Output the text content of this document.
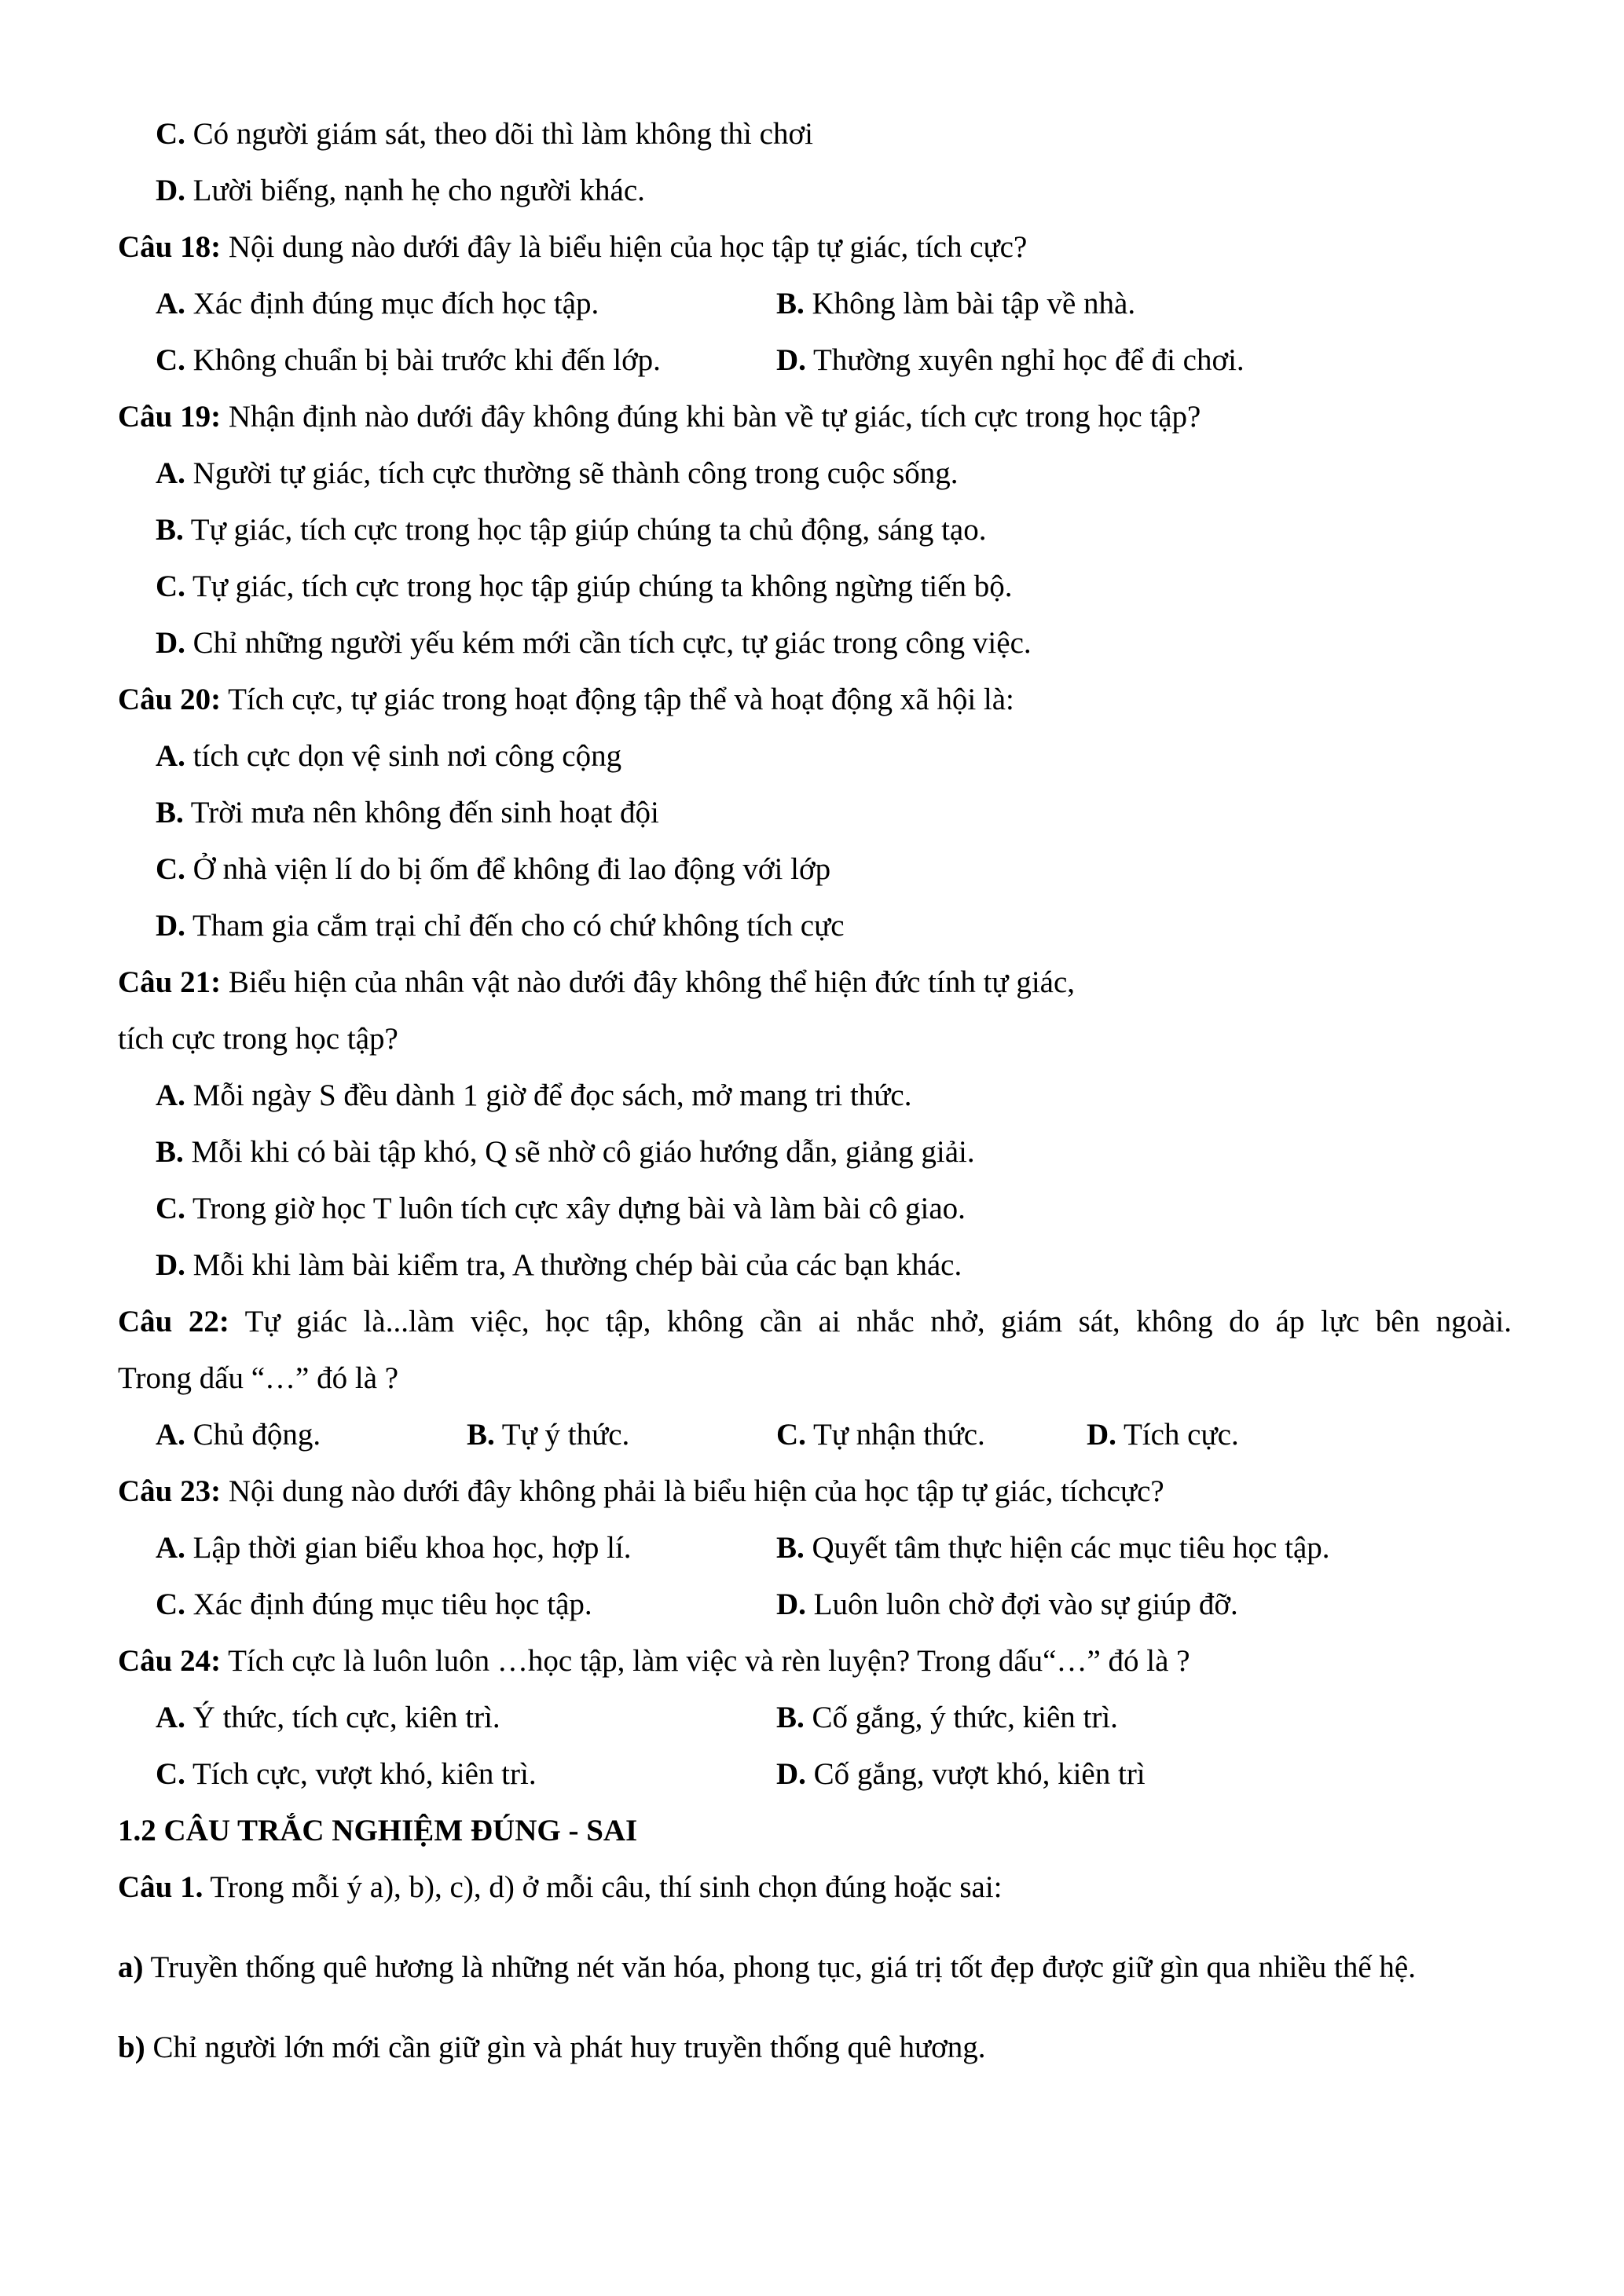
C. Có người giám sát, theo dõi thì làm không thì chơi
D. Lười biếng, nạnh hẹ cho người khác.
Câu 18: Nội dung nào dưới đây là biểu hiện của học tập tự giác, tích cực?
A. Xác định đúng mục đích học tập.	B. Không làm bài tập về nhà.
C. Không chuẩn bị bài trước khi đến lớp.	D. Thường xuyên nghỉ học để đi chơi.
Câu 19: Nhận định nào dưới đây không đúng khi bàn về tự giác, tích cực trong học tập?
A. Người tự giác, tích cực thường sẽ thành công trong cuộc sống.
B. Tự giác, tích cực trong học tập giúp chúng ta chủ động, sáng tạo.
C. Tự giác, tích cực trong học tập giúp chúng ta không ngừng tiến bộ.
D. Chỉ những người yếu kém mới cần tích cực, tự giác trong công việc.
Câu 20: Tích cực, tự giác trong hoạt động tập thể và hoạt động xã hội là:
A. tích cực dọn vệ sinh nơi công cộng
B. Trời mưa nên không đến sinh hoạt đội
C. Ở nhà viện lí do bị ốm để không đi lao động với lớp
D. Tham gia cắm trại chỉ đến cho có chứ không tích cực
Câu 21: Biểu hiện của nhân vật nào dưới đây không thể hiện đức tính tự giác,
tích cực trong học tập?
A. Mỗi ngày S đều dành 1 giờ để đọc sách, mở mang tri thức.
B. Mỗi khi có bài tập khó, Q sẽ nhờ cô giáo hướng dẫn, giảng giải.
C. Trong giờ học T luôn tích cực xây dựng bài và làm bài cô giao.
D. Mỗi khi làm bài kiểm tra, A thường chép bài của các bạn khác.
Câu 22: Tự giác là...làm việc, học tập, không cần ai nhắc nhở, giám sát, không do áp lực bên ngoài.
Trong dấu “…” đó là ?
A. Chủ động.	B. Tự ý thức.	C. Tự nhận thức.	D. Tích cực.
Câu 23: Nội dung nào dưới đây không phải là biểu hiện của học tập tự giác, tíchcực?
A. Lập thời gian biểu khoa học, hợp lí.	B. Quyết tâm thực hiện các mục tiêu học tập.
C. Xác định đúng mục tiêu học tập.	D. Luôn luôn chờ đợi vào sự giúp đỡ.
Câu 24: Tích cực là luôn luôn …học tập, làm việc và rèn luyện? Trong dấu“…” đó là ?
A. Ý thức, tích cực, kiên trì.	B. Cố gắng, ý thức, kiên trì.
C. Tích cực, vượt khó, kiên trì.	D. Cố gắng, vượt khó, kiên trì
1.2 CÂU TRẮC NGHIỆM ĐÚNG - SAI
Câu 1. Trong mỗi ý a), b), c), d) ở mỗi câu, thí sinh chọn đúng hoặc sai:
a) Truyền thống quê hương là những nét văn hóa, phong tục, giá trị tốt đẹp được giữ gìn qua nhiều thế hệ.
b) Chỉ người lớn mới cần giữ gìn và phát huy truyền thống quê hương.
